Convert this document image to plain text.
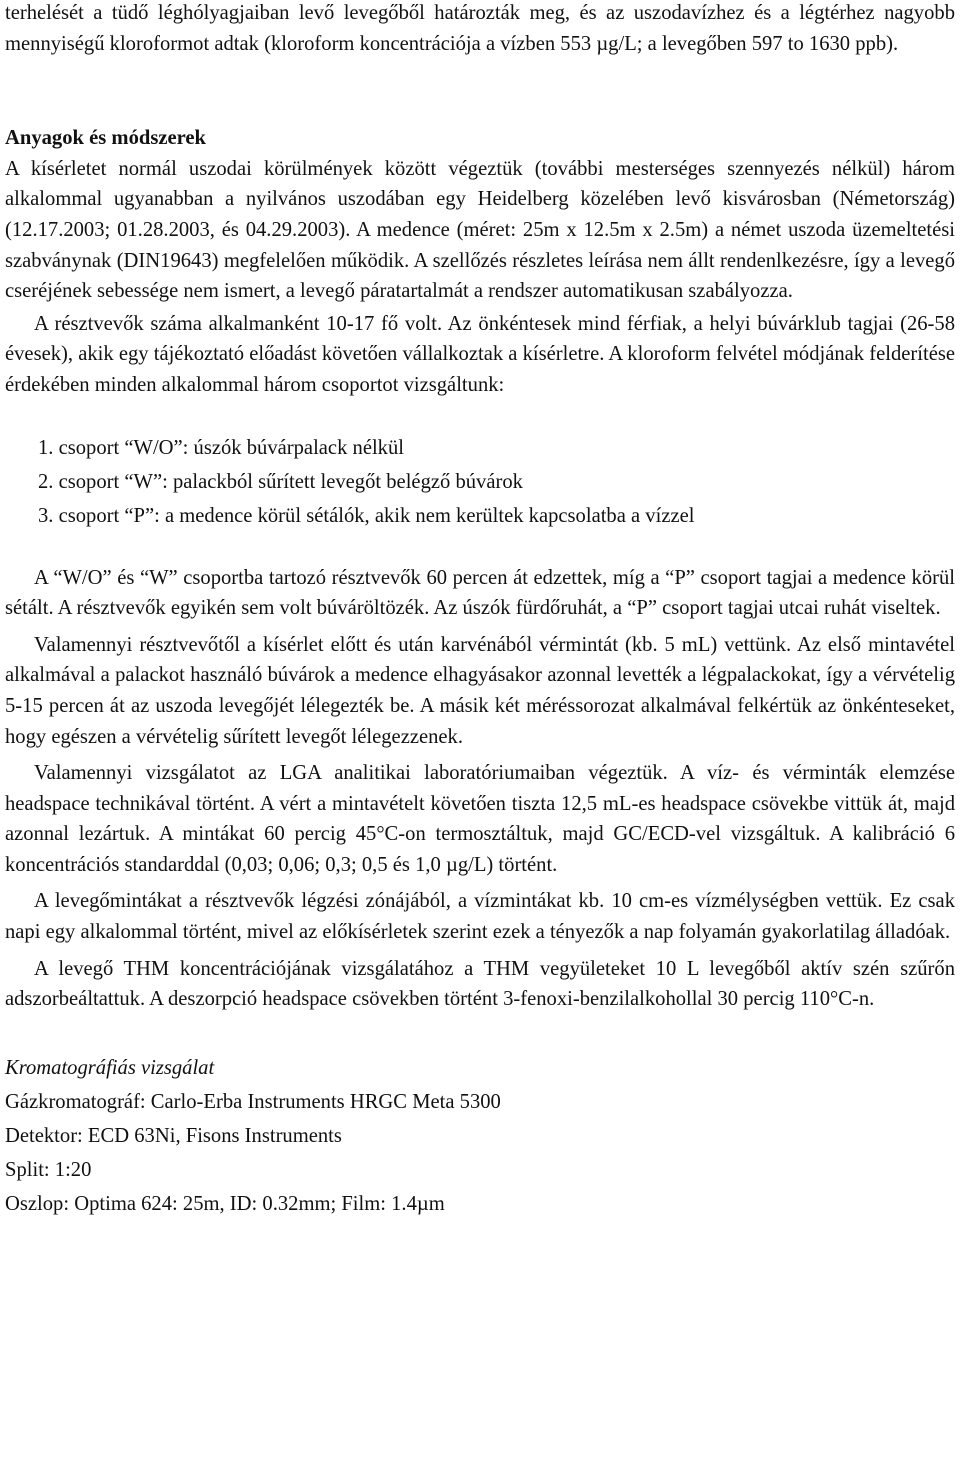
terhelését a tüdő léghólyagjaiban levő levegőből határozták meg, és az uszodavízhez és a légtérhez nagyobb mennyiségű kloroformot adtak (kloroform koncentrációja a vízben 553 µg/L; a levegőben 597 to 1630 ppb).

Anyagok és módszerek

A kísérletet normál uszodai körülmények között végeztük (további mesterséges szennyezés nélkül) három alkalommal ugyanabban a nyilvános uszodában egy Heidelberg közelében levő kisvárosban (Németország) (12.17.2003; 01.28.2003, és 04.29.2003). A medence (méret: 25m x 12.5m x 2.5m) a német uszoda üzemeltetési szabványnak (DIN19643) megfelelően működik. A szellőzés részletes leírása nem állt rendenlkezésre, így a levegő cseréjének sebessége nem ismert, a levegő páratartalmát a rendszer automatikusan szabályozza.

A résztvevők száma alkalmanként 10-17 fő volt. Az önkéntesek mind férfiak, a helyi búvárklub tagjai (26-58 évesek), akik egy tájékoztató előadást követően vállalkoztak a kísérletre. A kloroform felvétel módjának felderítése érdekében minden alkalommal három csoportot vizsgáltunk:

1. csoport “W/O”: úszók búvárpalack nélkül
2. csoport “W”: palackból sűrített levegőt belégző búvárok
3. csoport “P”: a medence körül sétálók, akik nem kerültek kapcsolatba a vízzel

A “W/O” és “W” csoportba tartozó résztvevők 60 percen át edzettek, míg a “P” csoport tagjai a medence körül sétált. A résztvevők egyikén sem volt búváröltözék. Az úszók fürdőruhát, a “P” csoport tagjai utcai ruhát viseltek.

Valamennyi résztvevőtől a kísérlet előtt és után karvénából vérmintát (kb. 5 mL) vettünk. Az első mintavétel alkalmával a palackot használó búvárok a medence elhagyásakor azonnal levették a légpalackokat, így a vérvételig 5-15 percen át az uszoda levegőjét lélegezték be. A másik két méréssorozat alkalmával felkértük az önkénteseket, hogy egészen a vérvételig sűrített levegőt lélegezzenek.

Valamennyi vizsgálatot az LGA analitikai laboratóriumaiban végeztük. A víz- és vérminták elemzése headspace technikával történt. A vért a mintavételt követően tiszta 12,5 mL-es headspace csövekbe vittük át, majd azonnal lezártuk. A mintákat 60 percig 45°C-on termosztáltuk, majd GC/ECD-vel vizsgáltuk. A kalibráció 6 koncentrációs standarddal (0,03; 0,06; 0,3; 0,5 és 1,0 µg/L) történt.

A levegőmintákat a résztvevők légzési zónájából, a vízmintákat kb. 10 cm-es vízmélységben vettük. Ez csak napi egy alkalommal történt, mivel az előkísérletek szerint ezek a tényezők a nap folyamán gyakorlatilag álladóak.

A levegő THM koncentrációjának vizsgálatához a THM vegyületeket 10 L levegőből aktív szén szűrőn adszorbeáltattuk. A deszorpció headspace csövekben történt 3-fenoxi-benzilalkohollal 30 percig 110°C-n.

Kromatográfiás vizsgálat

Gázkromatográf: Carlo-Erba Instruments HRGC Meta 5300

Detektor: ECD 63Ni, Fisons Instruments

Split: 1:20

Oszlop: Optima 624: 25m, ID: 0.32mm; Film: 1.4µm
